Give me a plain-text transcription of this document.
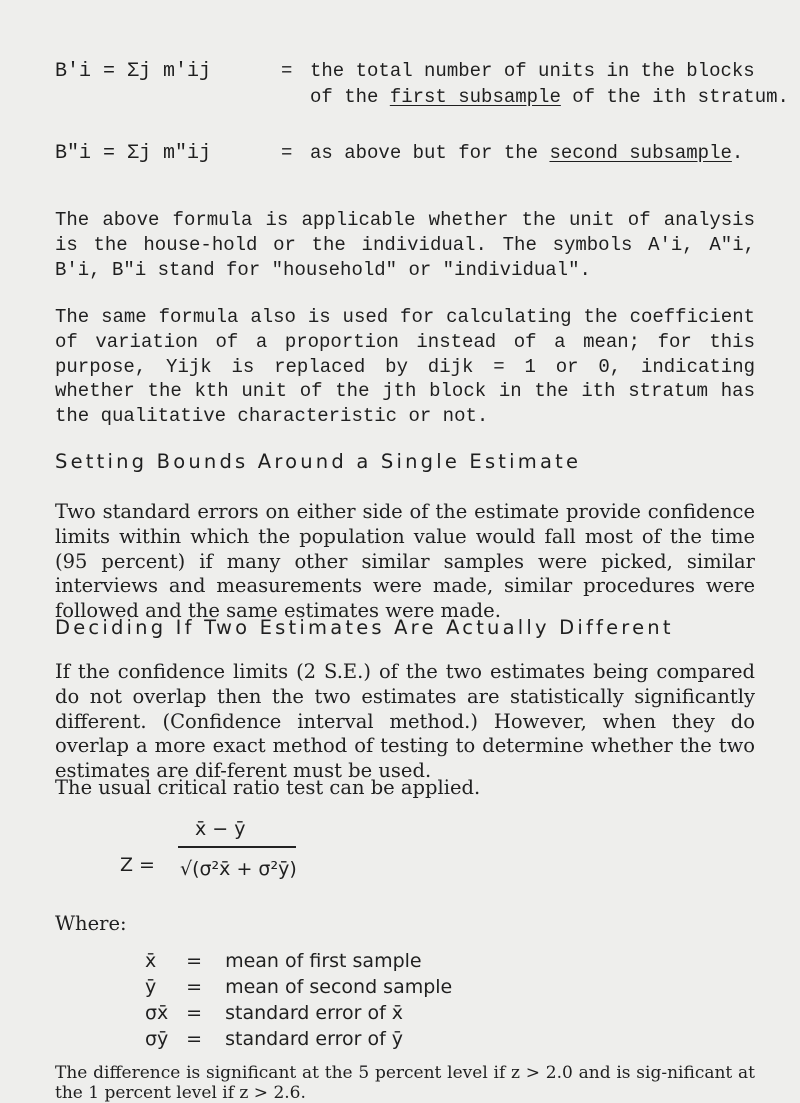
B′i = Σj m′ij	= the total number of units in the blocks
of the first subsample of the ith stratum.
B″i = Σj m″ij	= as above but for the second subsample.
The above formula is applicable whether the unit of analysis is the house-hold or the individual. The symbols A′i, A″i, B′i, B″i stand for "household" or "individual".
The same formula also is used for calculating the coefficient of variation of a proportion instead of a mean; for this purpose, Yijk is replaced by dijk = 1 or 0, indicating whether the kth unit of the jth block in the ith stratum has the qualitative characteristic or not.
Setting Bounds Around a Single Estimate
Two standard errors on either side of the estimate provide confidence limits within which the population value would fall most of the time (95 percent) if many other similar samples were picked, similar interviews and measurements were made, similar procedures were followed and the same estimates were made.
Deciding If Two Estimates Are Actually Different
If the confidence limits (2 S.E.) of the two estimates being compared do not overlap then the two estimates are statistically significantly different. (Confidence interval method.) However, when they do overlap a more exact method of testing to determine whether the two estimates are dif-ferent must be used.
The usual critical ratio test can be applied.
Z =
x̄ − ȳ
√(σ²x̄ + σ²ȳ)
Where:
x̄ = mean of first sample
ȳ = mean of second sample
σx̄ = standard error of x̄
σȳ = standard error of ȳ
The difference is significant at the 5 percent level if z > 2.0 and is sig-nificant at the 1 percent level if z > 2.6.
